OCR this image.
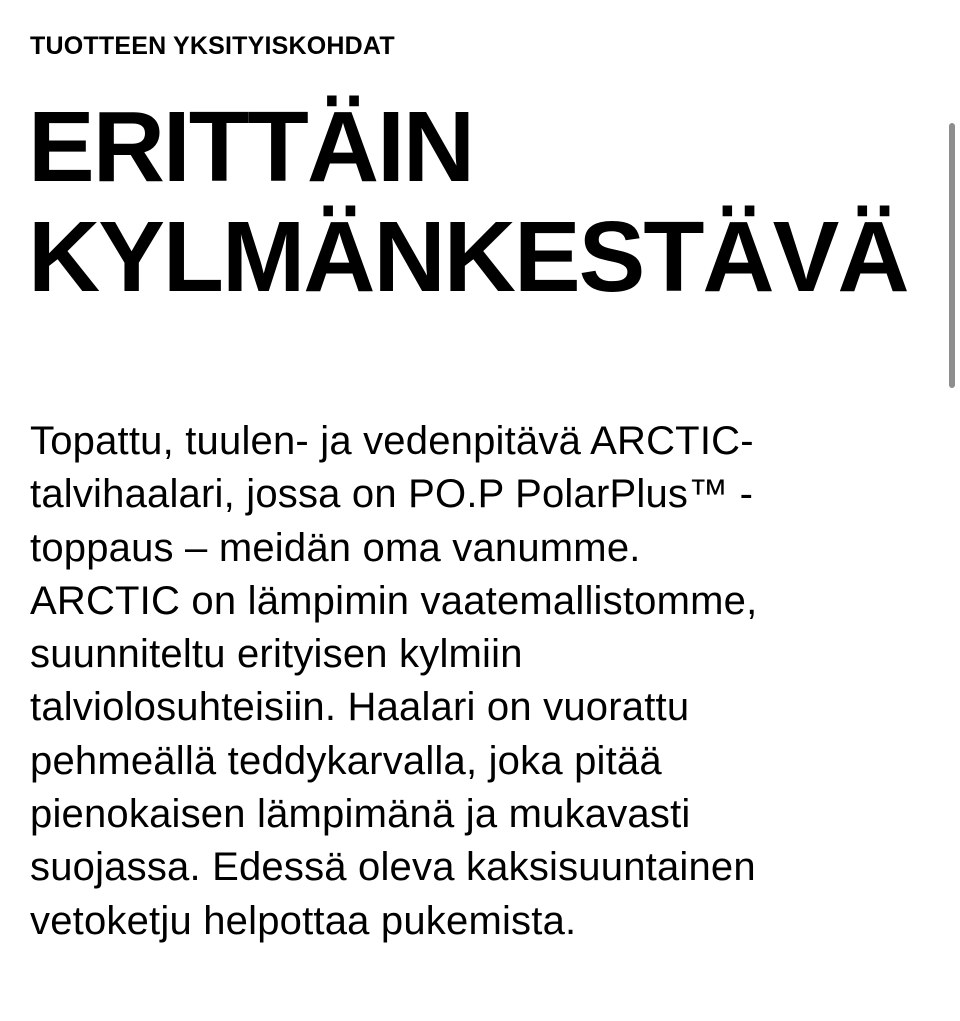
TUOTTEEN YKSITYISKOHDAT
ERITTÄIN
KYLMÄNKESTÄVÄ

Topattu, tuulen- ja vedenpitävä ARCTIC-
talvihaalari, jossa on PO.P PolarPlus™ -
toppaus – meidän oma vanumme.
ARCTIC on lämpimin vaatemallistomme,
suunniteltu erityisen kylmiin
talviolosuhteisiin. Haalari on vuorattu
pehmeällä teddykarvalla, joka pitää
pienokaisen lämpimänä ja mukavasti
suojassa. Edessä oleva kaksisuuntainen
vetoketju helpottaa pukemista.
